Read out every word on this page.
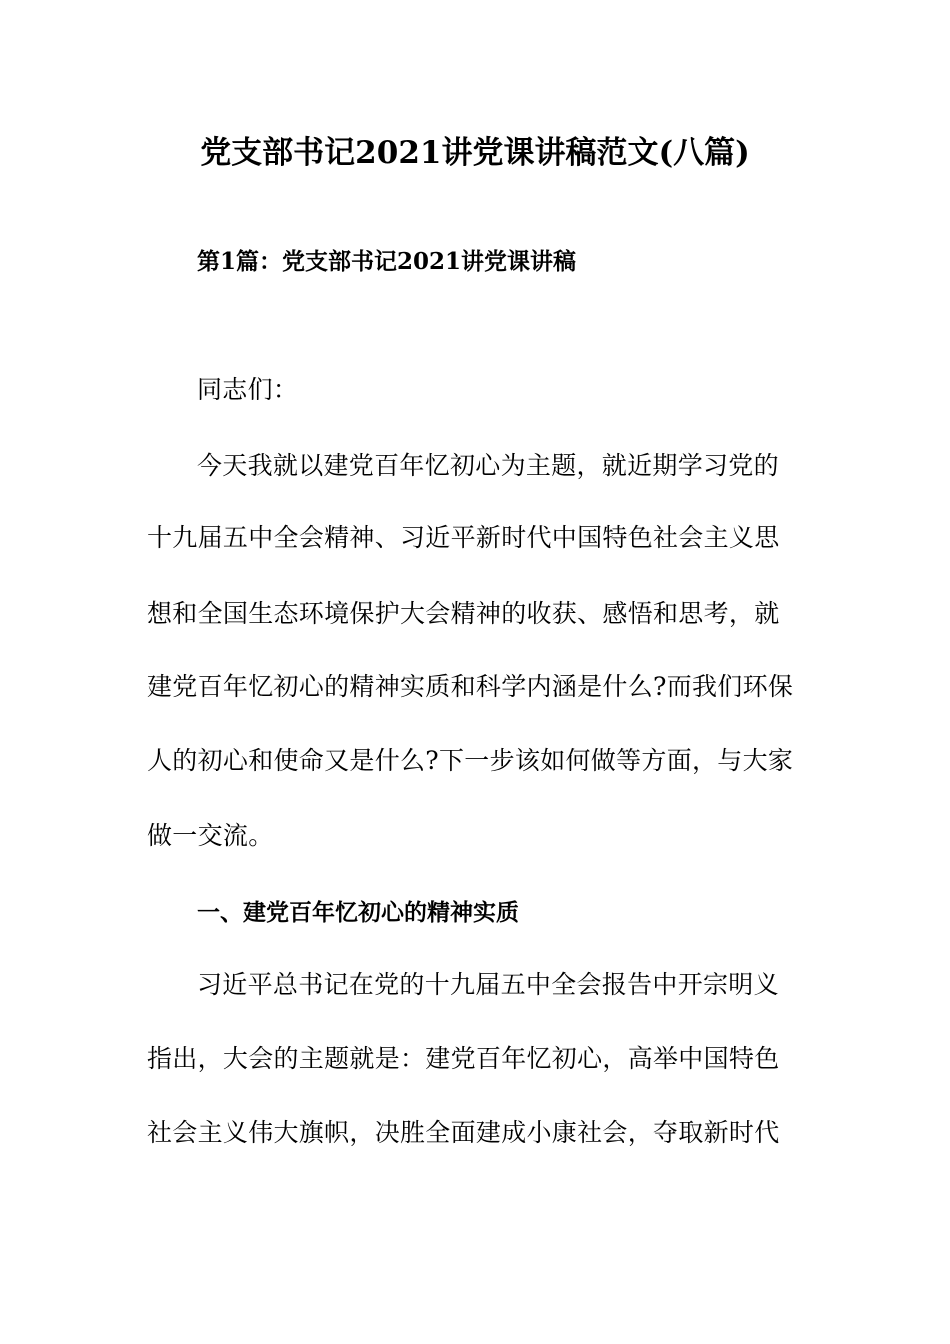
党支部书记2021讲党课讲稿范文(八篇)
第1篇：党支部书记2021讲党课讲稿
同志们：
今天我就以建党百年忆初心为主题，就近期学习党的
十九届五中全会精神、习近平新时代中国特色社会主义思
想和全国生态环境保护大会精神的收获、感悟和思考，就
建党百年忆初心的精神实质和科学内涵是什么?而我们环保
人的初心和使命又是什么?下一步该如何做等方面，与大家
做一交流。
一、建党百年忆初心的精神实质
习近平总书记在党的十九届五中全会报告中开宗明义
指出，大会的主题就是：建党百年忆初心，高举中国特色
社会主义伟大旗帜，决胜全面建成小康社会，夺取新时代
